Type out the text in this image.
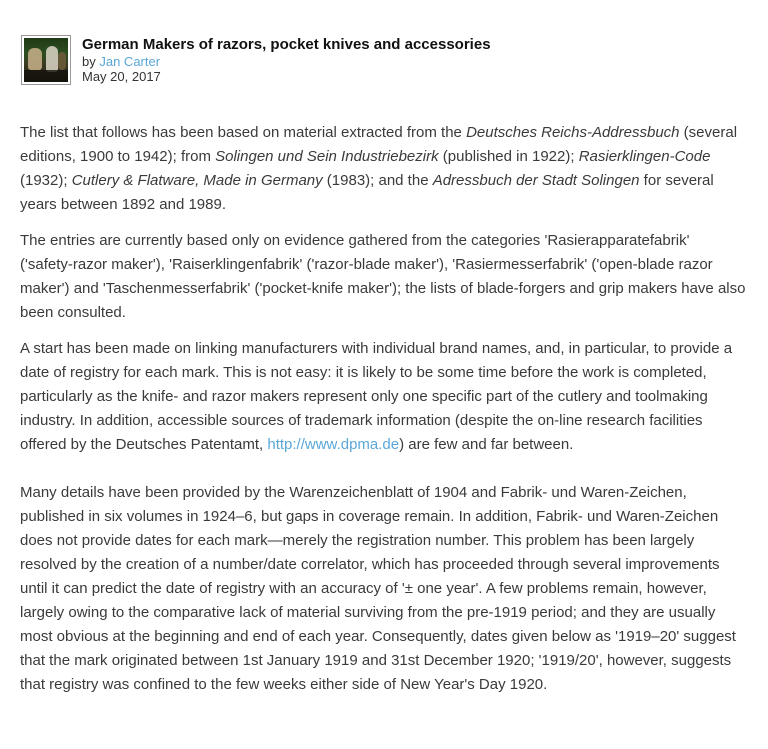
German Makers of razors, pocket knives and accessories
by Jan Carter
May 20, 2017

The list that follows has been based on material extracted from the Deutsches Reichs-Addressbuch (several editions, 1900 to 1942); from Solingen und Sein Industriebezirk (published in 1922); Rasierklingen-Code (1932); Cutlery & Flatware, Made in Germany (1983); and the Adressbuch der Stadt Solingen for several years between 1892 and 1989.

The entries are currently based only on evidence gathered from the categories 'Rasierapparatefabrik' ('safety-razor maker'), 'Raiserklingenfabrik' ('razor-blade maker'), 'Rasiermesserfabrik' ('open-blade razor maker') and 'Taschenmesserfabrik' ('pocket-knife maker'); the lists of blade-forgers and grip makers have also been consulted.

A start has been made on linking manufacturers with individual brand names, and, in particular, to provide a date of registry for each mark. This is not easy: it is likely to be some time before the work is completed, particularly as the knife- and razor makers represent only one specific part of the cutlery and toolmaking industry. In addition, accessible sources of trademark information (despite the on-line research facilities offered by the Deutsches Patentamt, http://www.dpma.de) are few and far between.

Many details have been provided by the Warenzeichenblatt of 1904 and Fabrik- und Waren-Zeichen, published in six volumes in 1924–6, but gaps in coverage remain. In addition, Fabrik- und Waren-Zeichen does not provide dates for each mark—merely the registration number. This problem has been largely resolved by the creation of a number/date correlator, which has proceeded through several improvements until it can predict the date of registry with an accuracy of '± one year'. A few problems remain, however, largely owing to the comparative lack of material surviving from the pre-1919 period; and they are usually most obvious at the beginning and end of each year. Consequently, dates given below as '1919–20' suggest that the mark originated between 1st January 1919 and 31st December 1920; '1919/20', however, suggests that registry was confined to the few weeks either side of New Year's Day 1920.
